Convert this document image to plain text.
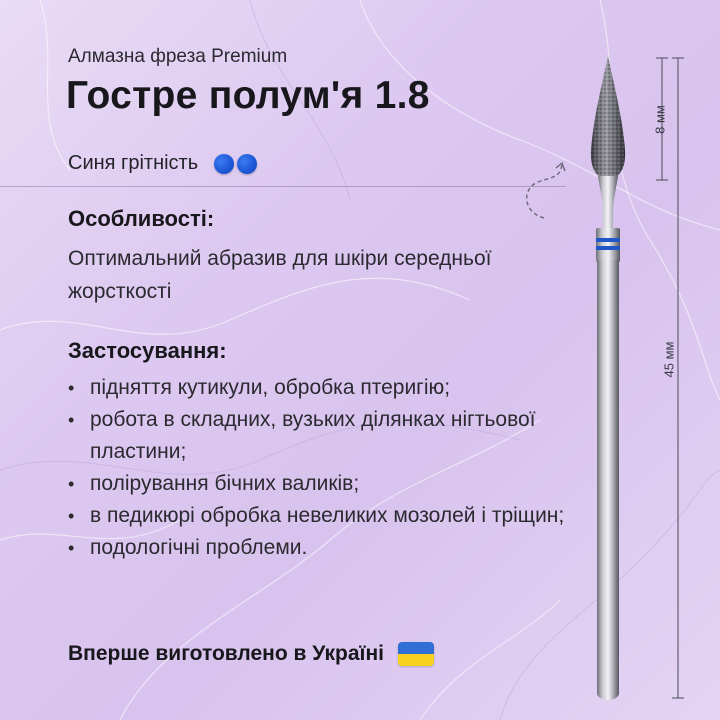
Алмазна фреза Premium
Гостре полум'я 1.8
Синя грітність
Особливості:
Оптимальний абразив для шкіри середньої жорсткості
Застосування:
• підняття кутикули, обробка птеригію;
• робота в складних, вузьких ділянках нігтьової пластини;
• полірування бічних валиків;
• в педикюрі обробка невеликих мозолей і тріщин;
• подологічні проблеми.
Вперше виготовлено в Україні
8 мм
45 мм
